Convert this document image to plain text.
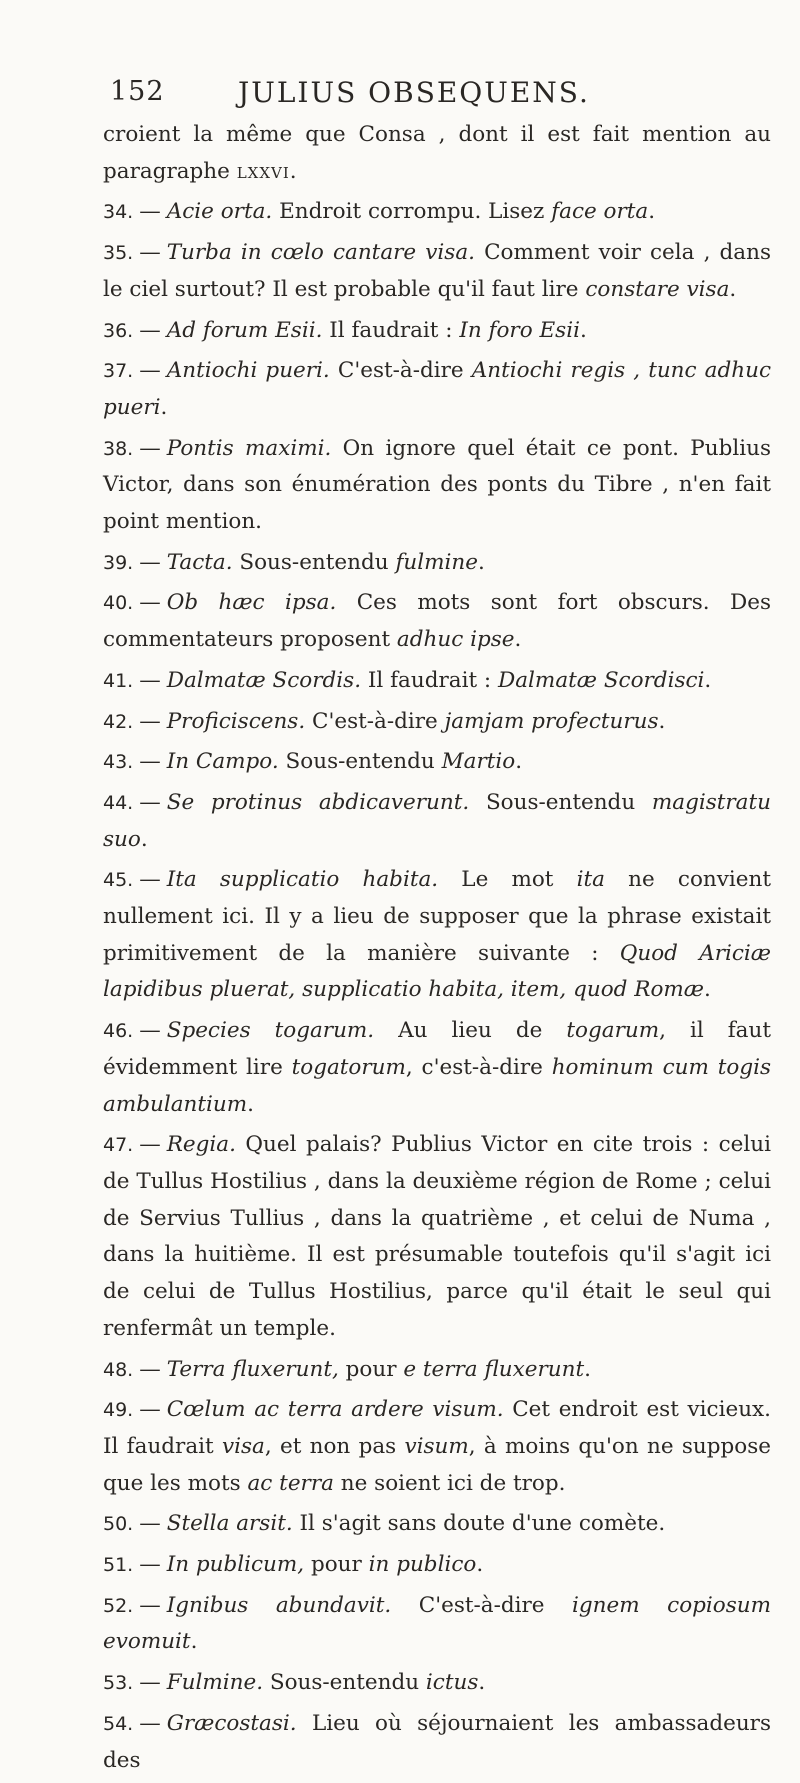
152	JULIUS OBSEQUENS.

croient la même que Consa , dont il est fait mention au paragraphe lxxvi.

34. — Acie orta. Endroit corrompu. Lisez face orta.

35. — Turba in cœlo cantare visa. Comment voir cela , dans le ciel surtout? Il est probable qu'il faut lire constare visa.

36. — Ad forum Esii. Il faudrait : In foro Esii.

37. — Antiochi pueri. C'est-à-dire Antiochi regis , tunc adhuc pueri.

38. — Pontis maximi. On ignore quel était ce pont. Publius Victor, dans son énumération des ponts du Tibre , n'en fait point mention.

39. — Tacta. Sous-entendu fulmine.

40. — Ob hæc ipsa. Ces mots sont fort obscurs. Des commentateurs proposent adhuc ipse.

41. — Dalmatæ Scordis. Il faudrait : Dalmatæ Scordisci.

42. — Proficiscens. C'est-à-dire jamjam profecturus.

43. — In Campo. Sous-entendu Martio.

44. — Se protinus abdicaverunt. Sous-entendu magistratu suo.

45. — Ita supplicatio habita. Le mot ita ne convient nullement ici. Il y a lieu de supposer que la phrase existait primitivement de la manière suivante : Quod Ariciæ lapidibus pluerat, supplicatio habita, item, quod Romæ.

46. — Species togarum. Au lieu de togarum, il faut évidemment lire togatorum, c'est-à-dire hominum cum togis ambulantium.

47. — Regia. Quel palais? Publius Victor en cite trois : celui de Tullus Hostilius , dans la deuxième région de Rome ; celui de Servius Tullius , dans la quatrième , et celui de Numa , dans la huitième. Il est présumable toutefois qu'il s'agit ici de celui de Tullus Hostilius, parce qu'il était le seul qui renfermât un temple.

48. — Terra fluxerunt, pour e terra fluxerunt.

49. — Cœlum ac terra ardere visum. Cet endroit est vicieux. Il faudrait visa, et non pas visum, à moins qu'on ne suppose que les mots ac terra ne soient ici de trop.

50. — Stella arsit. Il s'agit sans doute d'une comète.

51. — In publicum, pour in publico.

52. — Ignibus abundavit. C'est-à-dire ignem copiosum evomuit.

53. — Fulmine. Sous-entendu ictus.

54. — Græcostasi. Lieu où séjournaient les ambassadeurs des
